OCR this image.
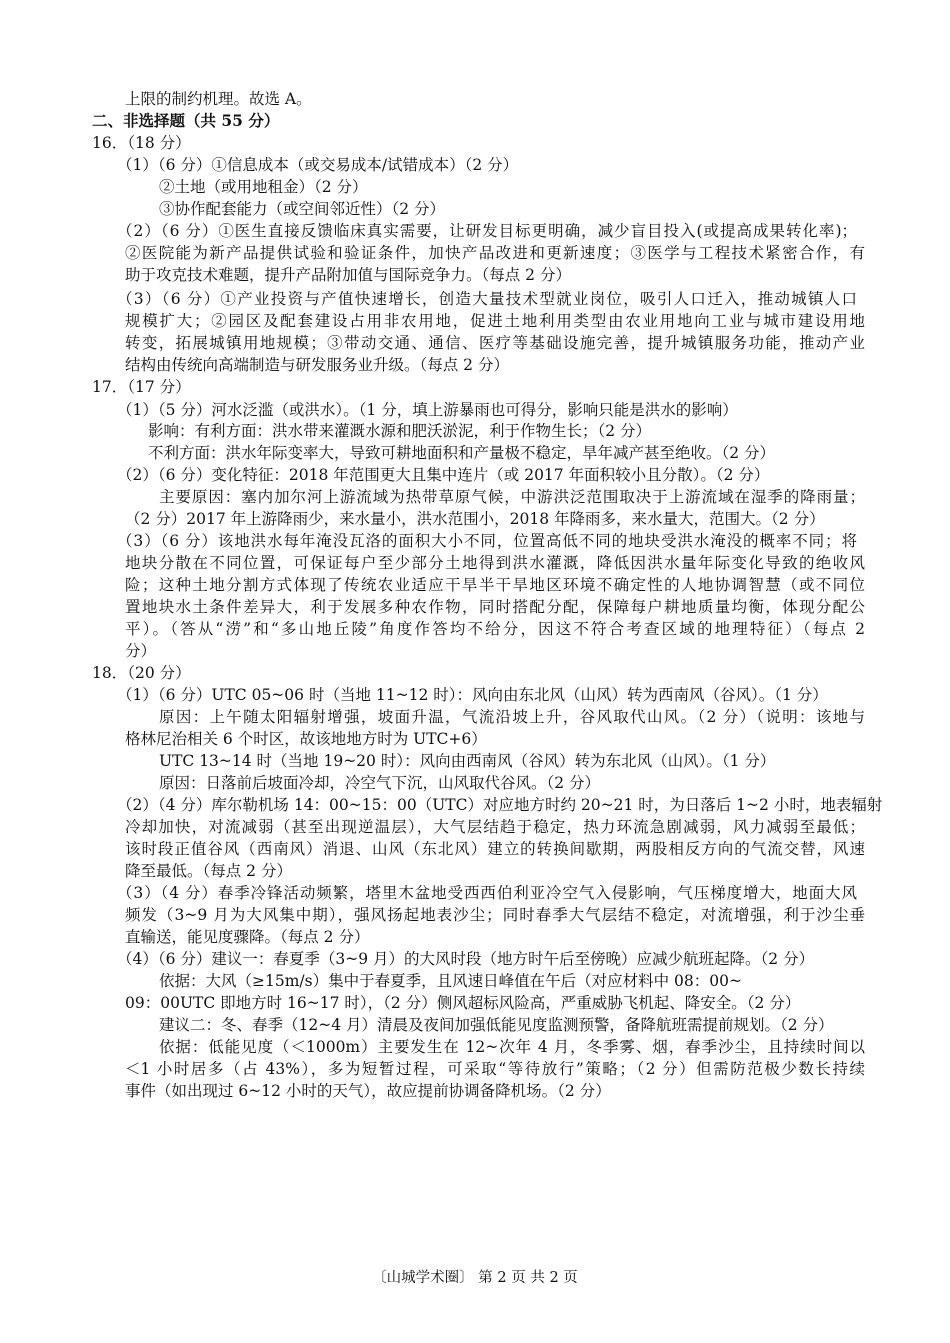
上限的制约机理。故选 A。
二、非选择题（共 55 分）
16．（18 分）
（1）（6 分）①信息成本（或交易成本/试错成本）（2 分）
②土地（或用地租金）（2 分）
③协作配套能力（或空间邻近性）（2 分）
（2）（6 分）①医生直接反馈临床真实需要，让研发目标更明确，减少盲目投入(或提高成果转化率)；
②医院能为新产品提供试验和验证条件，加快产品改进和更新速度；③医学与工程技术紧密合作，有
助于攻克技术难题，提升产品附加值与国际竞争力。（每点 2 分）
（3）（6 分）①产业投资与产值快速增长，创造大量技术型就业岗位，吸引人口迁入，推动城镇人口
规模扩大；②园区及配套建设占用非农用地，促进土地利用类型由农业用地向工业与城市建设用地
转变，拓展城镇用地规模；③带动交通、通信、医疗等基础设施完善，提升城镇服务功能，推动产业
结构由传统向高端制造与研发服务业升级。（每点 2 分）
17．（17 分）
（1）（5 分）河水泛滥（或洪水）。（1 分，填上游暴雨也可得分，影响只能是洪水的影响）
影响：有利方面：洪水带来灌溉水源和肥沃淤泥，利于作物生长；（2 分）
不利方面：洪水年际变率大，导致可耕地面积和产量极不稳定，旱年减产甚至绝收。（2 分）
（2）（6 分）变化特征：2018 年范围更大且集中连片（或 2017 年面积较小且分散）。（2 分）
主要原因：塞内加尔河上游流域为热带草原气候，中游洪泛范围取决于上游流域在湿季的降雨量；
（2 分）2017 年上游降雨少，来水量小，洪水范围小，2018 年降雨多，来水量大，范围大。（2 分）
（3）（6 分）该地洪水每年淹没瓦洛的面积大小不同，位置高低不同的地块受洪水淹没的概率不同；将
地块分散在不同位置，可保证每户至少部分土地得到洪水灌溉，降低因洪水量年际变化导致的绝收风
险；这种土地分割方式体现了传统农业适应干旱半干旱地区环境不确定性的人地协调智慧（或不同位
置地块水土条件差异大，利于发展多种农作物，同时搭配分配，保障每户耕地质量均衡，体现分配公
平）。（答从“涝”和“多山地丘陵”角度作答均不给分，因这不符合考查区域的地理特征）（每点 2
分）
18．（20 分）
（1）（6 分）UTC 05~06 时（当地 11~12 时）：风向由东北风（山风）转为西南风（谷风）。（1 分）
原因：上午随太阳辐射增强，坡面升温，气流沿坡上升，谷风取代山风。（2 分）（说明：该地与
格林尼治相关 6 个时区，故该地地方时为 UTC+6）
UTC 13~14 时（当地 19~20 时）：风向由西南风（谷风）转为东北风（山风）。（1 分）
原因：日落前后坡面冷却，冷空气下沉，山风取代谷风。（2 分）
（2）（4 分）库尔勒机场 14：00~15：00（UTC）对应地方时约 20~21 时，为日落后 1~2 小时，地表辐射
冷却加快，对流减弱（甚至出现逆温层），大气层结趋于稳定，热力环流急剧减弱，风力减弱至最低；
该时段正值谷风（西南风）消退、山风（东北风）建立的转换间歇期，两股相反方向的气流交替，风速
降至最低。（每点 2 分）
（3）（4 分）春季冷锋活动频繁，塔里木盆地受西西伯利亚冷空气入侵影响，气压梯度增大，地面大风
频发（3~9 月为大风集中期），强风扬起地表沙尘；同时春季大气层结不稳定，对流增强，利于沙尘垂
直输送，能见度骤降。（每点 2 分）
（4）（6 分）建议一：春夏季（3~9 月）的大风时段（地方时午后至傍晚）应减少航班起降。（2 分）
依据：大风（≥15m/s）集中于春夏季，且风速日峰值在午后（对应材料中 08：00~
09：00UTC 即地方时 16~17 时），（2 分）侧风超标风险高，严重威胁飞机起、降安全。（2 分）
建议二：冬、春季（12~4 月）清晨及夜间加强低能见度监测预警，备降航班需提前规划。（2 分）
依据：低能见度（＜1000m）主要发生在 12~次年 4 月，冬季雾、烟，春季沙尘，且持续时间以
＜1 小时居多（占 43%），多为短暂过程，可采取“等待放行”策略；（2 分）但需防范极少数长持续
事件（如出现过 6~12 小时的天气），故应提前协调备降机场。（2 分）
〔山城学术圈〕 第 2 页 共 2 页
